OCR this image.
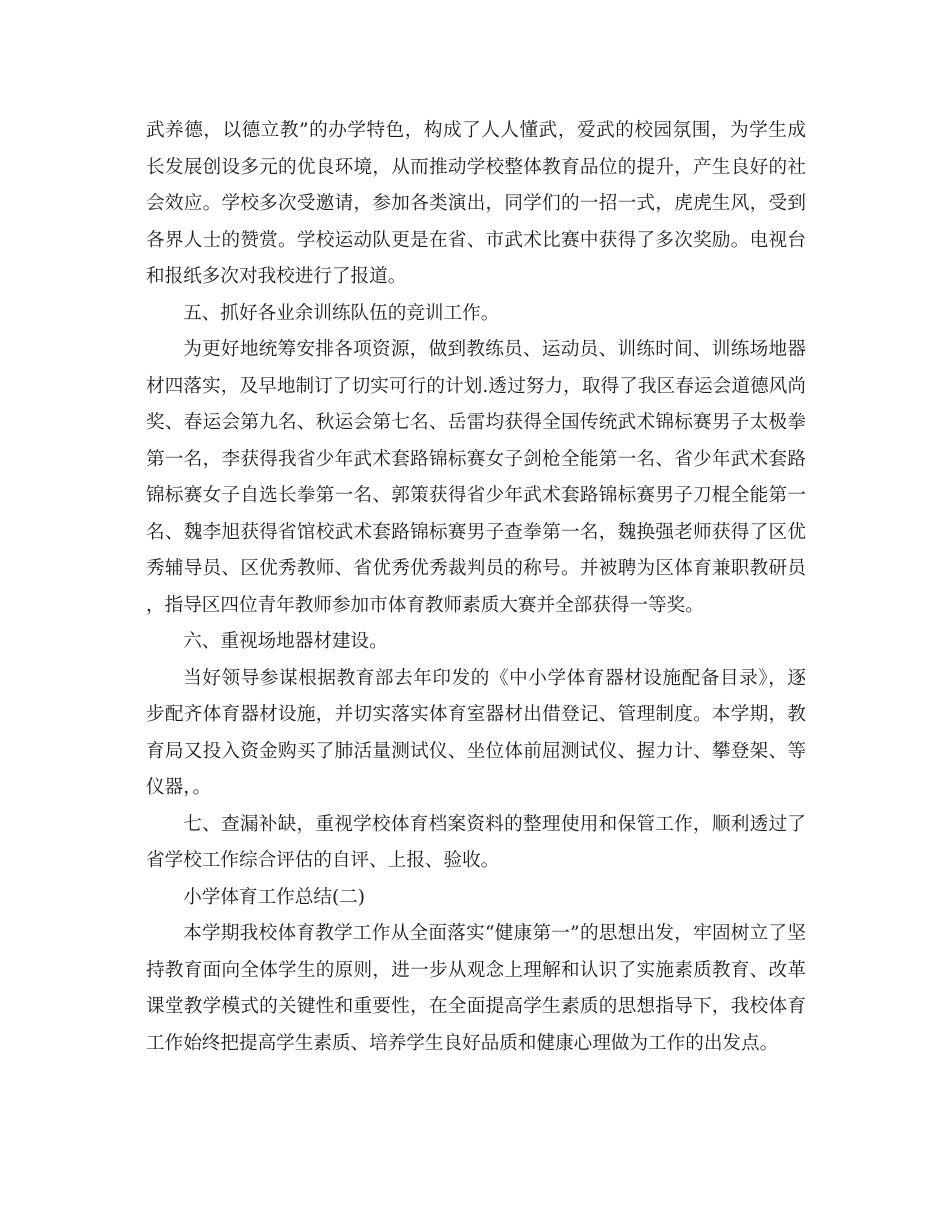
武养德，以德立教”的办学特色，构成了人人懂武，爱武的校园氛围，为学生成长发展创设多元的优良环境，从而推动学校整体教育品位的提升，产生良好的社会效应。学校多次受邀请，参加各类演出，同学们的一招一式，虎虎生风，受到各界人士的赞赏。学校运动队更是在省、市武术比赛中获得了多次奖励。电视台和报纸多次对我校进行了报道。

五、抓好各业余训练队伍的竞训工作。

为更好地统筹安排各项资源，做到教练员、运动员、训练时间、训练场地器材四落实，及早地制订了切实可行的计划.透过努力，取得了我区春运会道德风尚奖、春运会第九名、秋运会第七名、岳雷均获得全国传统武术锦标赛男子太极拳第一名，李获得我省少年武术套路锦标赛女子剑枪全能第一名、省少年武术套路锦标赛女子自选长拳第一名、郭策获得省少年武术套路锦标赛男子刀棍全能第一名、魏李旭获得省馆校武术套路锦标赛男子查拳第一名，魏换强老师获得了区优秀辅导员、区优秀教师、省优秀优秀裁判员的称号。并被聘为区体育兼职教研员，指导区四位青年教师参加市体育教师素质大赛并全部获得一等奖。

六、重视场地器材建设。

当好领导参谋根据教育部去年印发的《中小学体育器材设施配备目录》，逐步配齐体育器材设施，并切实落实体育室器材出借登记、管理制度。本学期，教育局又投入资金购买了肺活量测试仪、坐位体前屈测试仪、握力计、攀登架、等仪器，。

七、查漏补缺，重视学校体育档案资料的整理使用和保管工作，顺利透过了省学校工作综合评估的自评、上报、验收。

小学体育工作总结(二)

本学期我校体育教学工作从全面落实“健康第一”的思想出发，牢固树立了坚持教育面向全体学生的原则，进一步从观念上理解和认识了实施素质教育、改革课堂教学模式的关键性和重要性，在全面提高学生素质的思想指导下，我校体育工作始终把提高学生素质、培养学生良好品质和健康心理做为工作的出发点。
